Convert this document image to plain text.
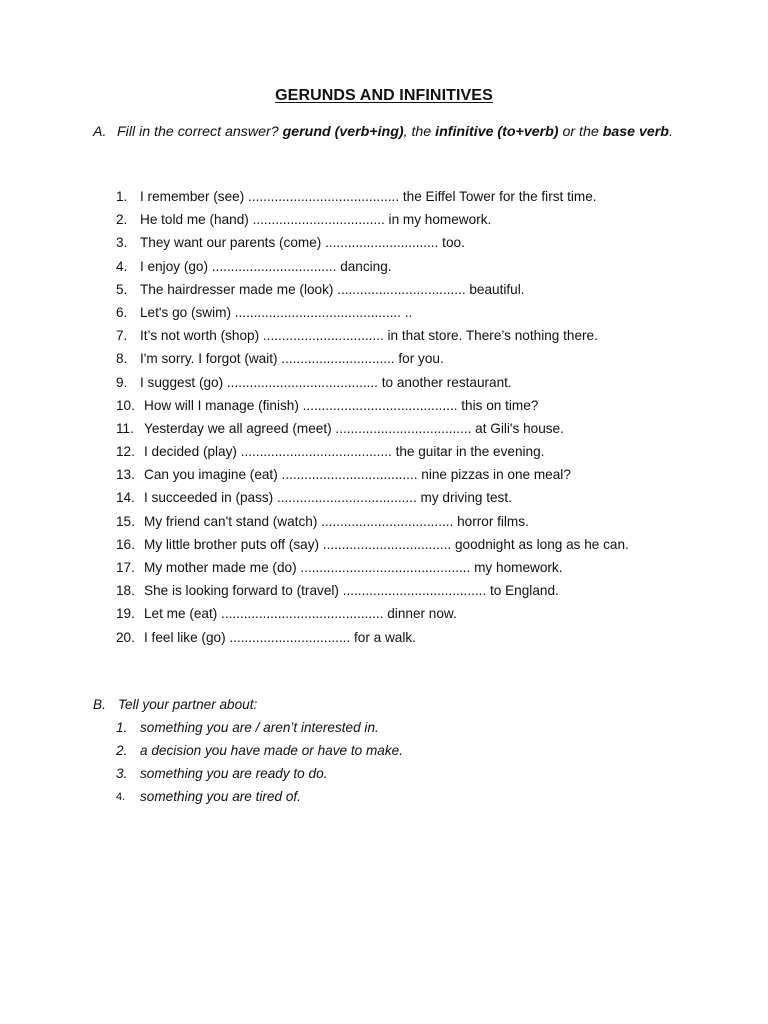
GERUNDS AND INFINITIVES
A. Fill in the correct answer? gerund (verb+ing), the infinitive (to+verb) or the base verb.
1. I remember (see) ........................................ the Eiffel Tower for the first time.
2. He told me (hand) ................................... in my homework.
3. They want our parents (come) .............................. too.
4. I enjoy (go) ................................. dancing.
5. The hairdresser made me (look) .................................. beautiful.
6. Let's go (swim) ............................................ ..
7. It’s not worth (shop) ................................ in that store. There’s nothing there.
8. I'm sorry. I forgot (wait) .............................. for you.
9. I suggest (go) ........................................ to another restaurant.
10. How will I manage (finish) ......................................... this on time?
11. Yesterday we all agreed (meet) .................................... at Gili's house.
12. I decided (play) ........................................ the guitar in the evening.
13. Can you imagine (eat) .................................... nine pizzas in one meal?
14. I succeeded in (pass) ..................................... my driving test.
15. My friend can't stand (watch) ................................... horror films.
16. My little brother puts off (say) .................................. goodnight as long as he can.
17. My mother made me (do) ............................................. my homework.
18. She is looking forward to (travel) ...................................... to England.
19. Let me (eat) ........................................... dinner now.
20. I feel like (go) ................................ for a walk.
B. Tell your partner about:
1. something you are / aren’t interested in.
2. a decision you have made or have to make.
3. something you are ready to do.
4. something you are tired of.
